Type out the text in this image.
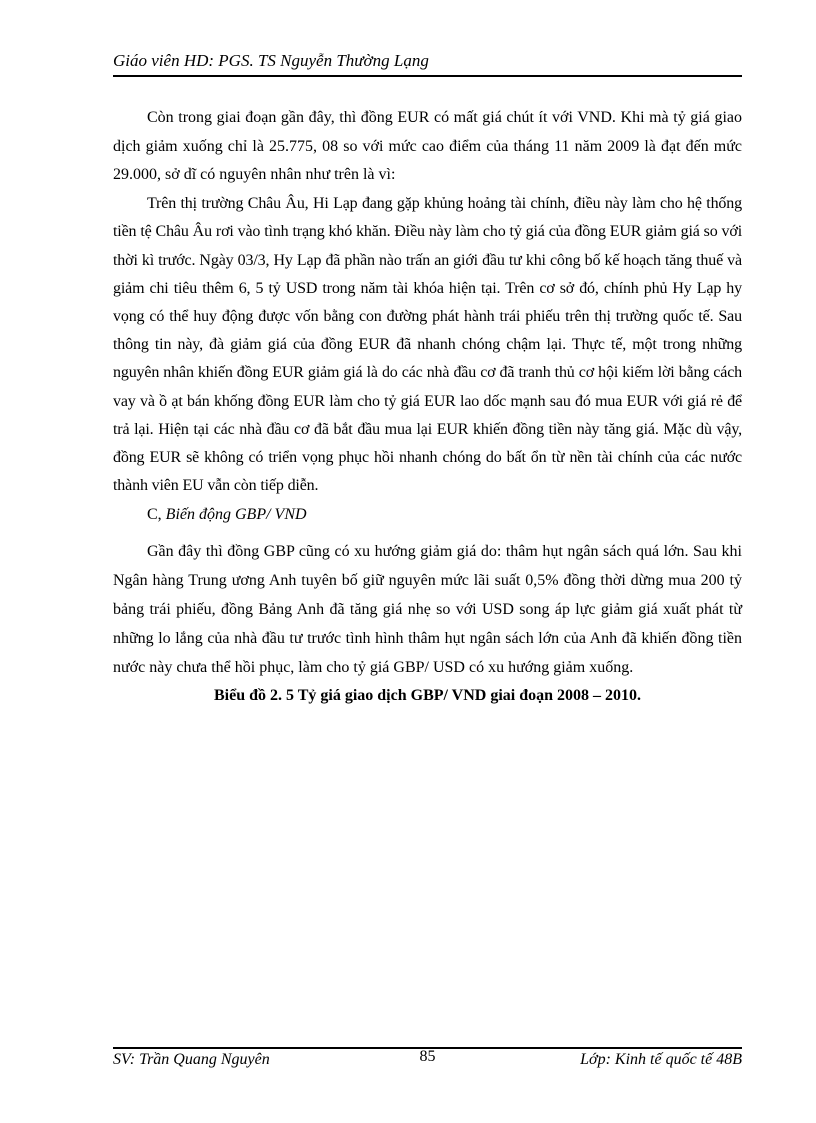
Giáo viên HD: PGS. TS Nguyễn Thường Lạng

Còn trong giai đoạn gần đây, thì đồng EUR có mất giá chút ít với VND. Khi mà tỷ giá giao dịch giảm xuống chỉ là 25.775, 08 so với mức cao điểm của tháng 11 năm 2009 là đạt đến mức 29.000, sở dĩ có nguyên nhân như trên là vì:

Trên thị trường Châu Âu, Hi Lạp đang gặp khủng hoảng tài chính, điều này làm cho hệ thống tiền tệ Châu Âu rơi vào tình trạng khó khăn. Điều này làm cho tỷ giá của đồng EUR giảm giá so với thời kì trước. Ngày 03/3, Hy Lạp đã phần nào trấn an giới đầu tư khi công bố kế hoạch tăng thuế và giảm chi tiêu thêm 6, 5 tỷ USD trong năm tài khóa hiện tại. Trên cơ sở đó, chính phủ Hy Lạp hy vọng có thể huy động được vốn bằng con đường phát hành trái phiếu trên thị trường quốc tế. Sau thông tin này, đà giảm giá của đồng EUR đã nhanh chóng chậm lại. Thực tế, một trong những nguyên nhân khiến đồng EUR giảm giá là do các nhà đầu cơ đã tranh thủ cơ hội kiếm lời bằng cách vay và ồ ạt bán khống đồng EUR làm cho tỷ giá EUR lao dốc mạnh sau đó mua EUR với giá rẻ để trả lại. Hiện tại các nhà đầu cơ đã bắt đầu mua lại EUR khiến đồng tiền này tăng giá. Mặc dù vậy, đồng EUR sẽ không có triển vọng phục hồi nhanh chóng do bất ổn từ nền tài chính của các nước thành viên EU vẫn còn tiếp diễn.

C, Biến động GBP/ VND

Gần đây thì đồng GBP cũng có xu hướng giảm giá do: thâm hụt ngân sách quá lớn. Sau khi Ngân hàng Trung ương Anh tuyên bố giữ nguyên mức lãi suất 0,5% đồng thời dừng mua 200 tỷ bảng trái phiếu, đồng Bảng Anh đã tăng giá nhẹ so với USD song áp lực giảm giá xuất phát từ những lo lắng của nhà đầu tư trước tình hình thâm hụt ngân sách lớn của Anh đã khiến đồng tiền nước này chưa thể hồi phục, làm cho tỷ giá GBP/ USD có xu hướng giảm xuống.

Biểu đồ 2. 5 Tỷ giá giao dịch GBP/ VND giai đoạn 2008 – 2010.

SV: Trần Quang Nguyên	85	Lớp: Kinh tế quốc tế 48B
